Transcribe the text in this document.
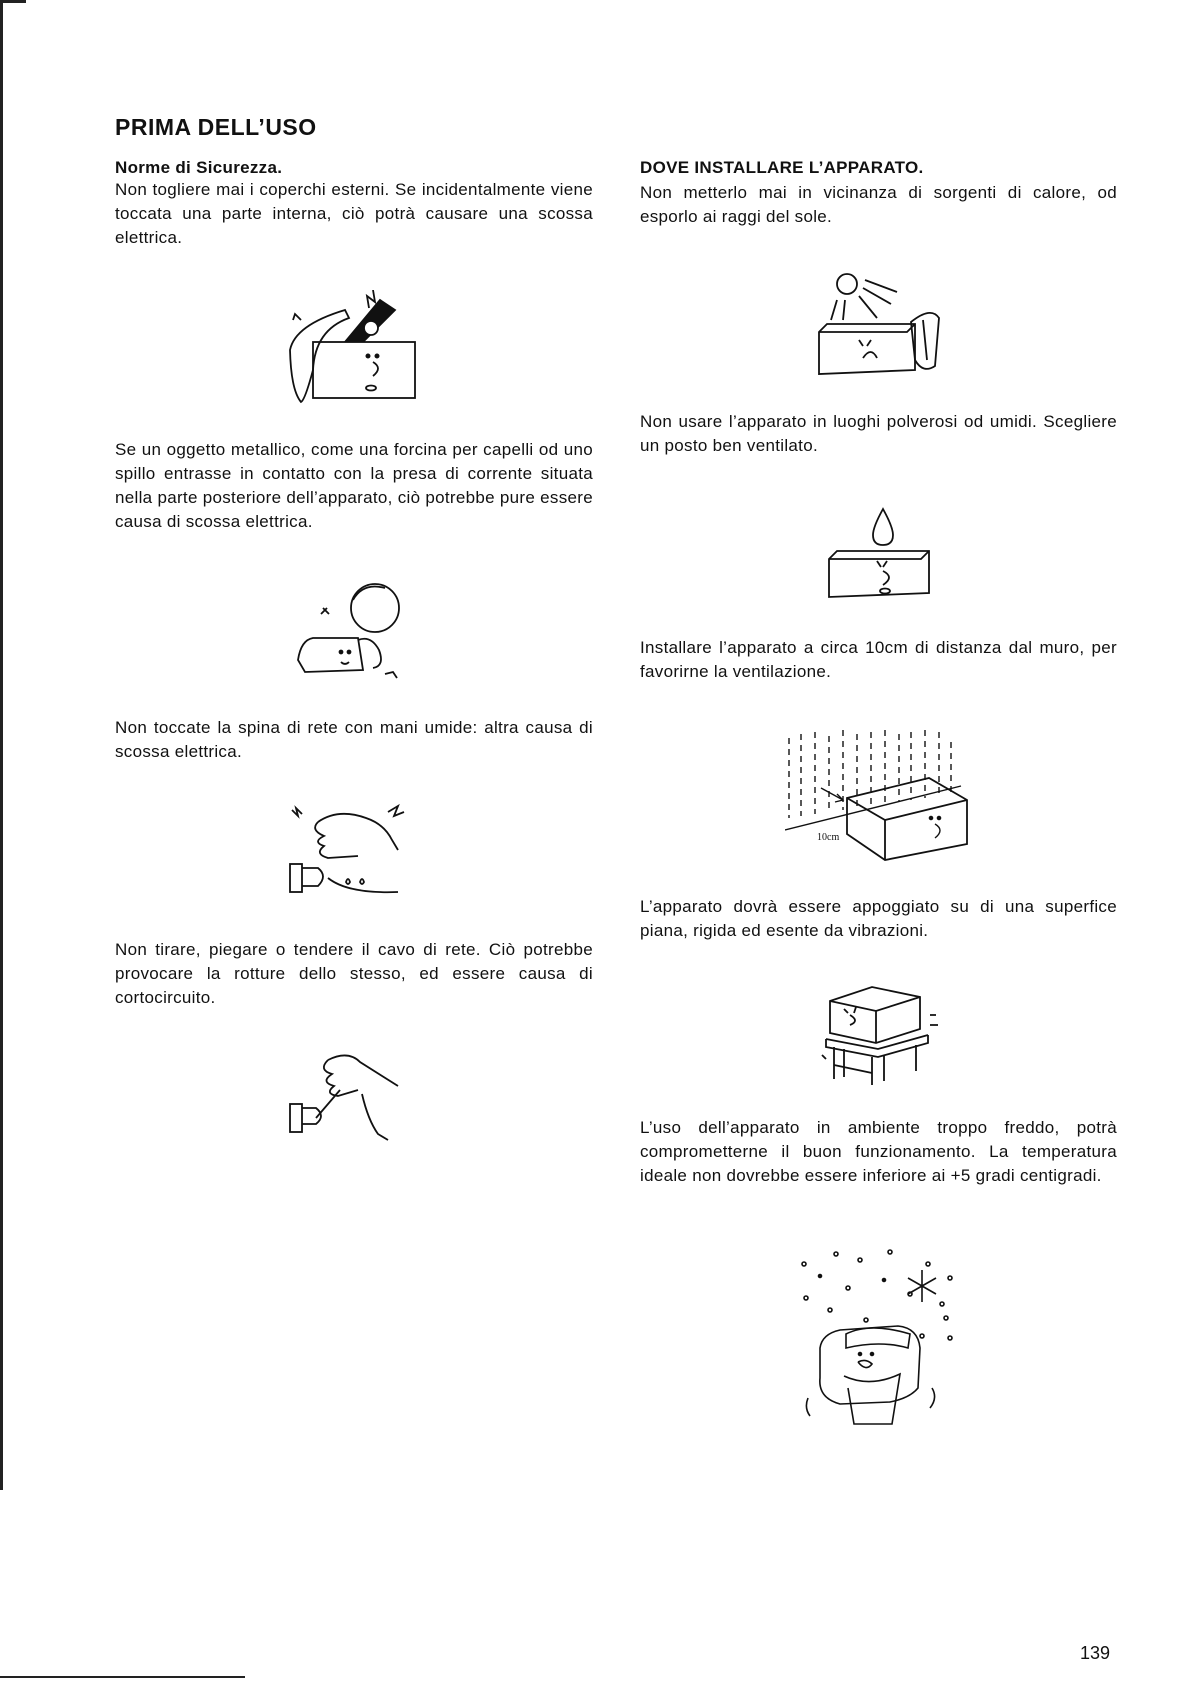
PRIMA DELL’USO
Norme di Sicurezza.

Non togliere mai i coperchi esterni. Se incidentalmente viene toccata una parte interna, ciò potrà causare una scossa elettrica.

Se un oggetto metallico, come una forcina per capelli od uno spillo entrasse in contatto con la presa di corrente situata nella parte posteriore dell’apparato, ciò potrebbe pure essere causa di scossa elettrica.

Non toccate la spina di rete con mani umide: altra causa di scossa elettrica.

Non tirare, piegare o tendere il cavo di rete. Ciò potrebbe provocare la rotture dello stesso, ed essere causa di cortocircuito.

DOVE INSTALLARE L’APPARATO.

Non metterlo mai in vicinanza di sorgenti di calore, od esporlo ai raggi del sole.

Non usare l’apparato in luoghi polverosi od umidi. Scegliere un posto ben ventilato.

Installare l’apparato a circa 10cm di distanza dal muro, per favorirne la ventilazione.

10cm

L’apparato dovrà essere appoggiato su di una superfice piana, rigida ed esente da vibrazioni.

L’uso dell’apparato in ambiente troppo freddo, potrà comprometterne il buon funzionamento. La temperatura ideale non dovrebbe essere inferiore ai +5 gradi centigradi.

139
